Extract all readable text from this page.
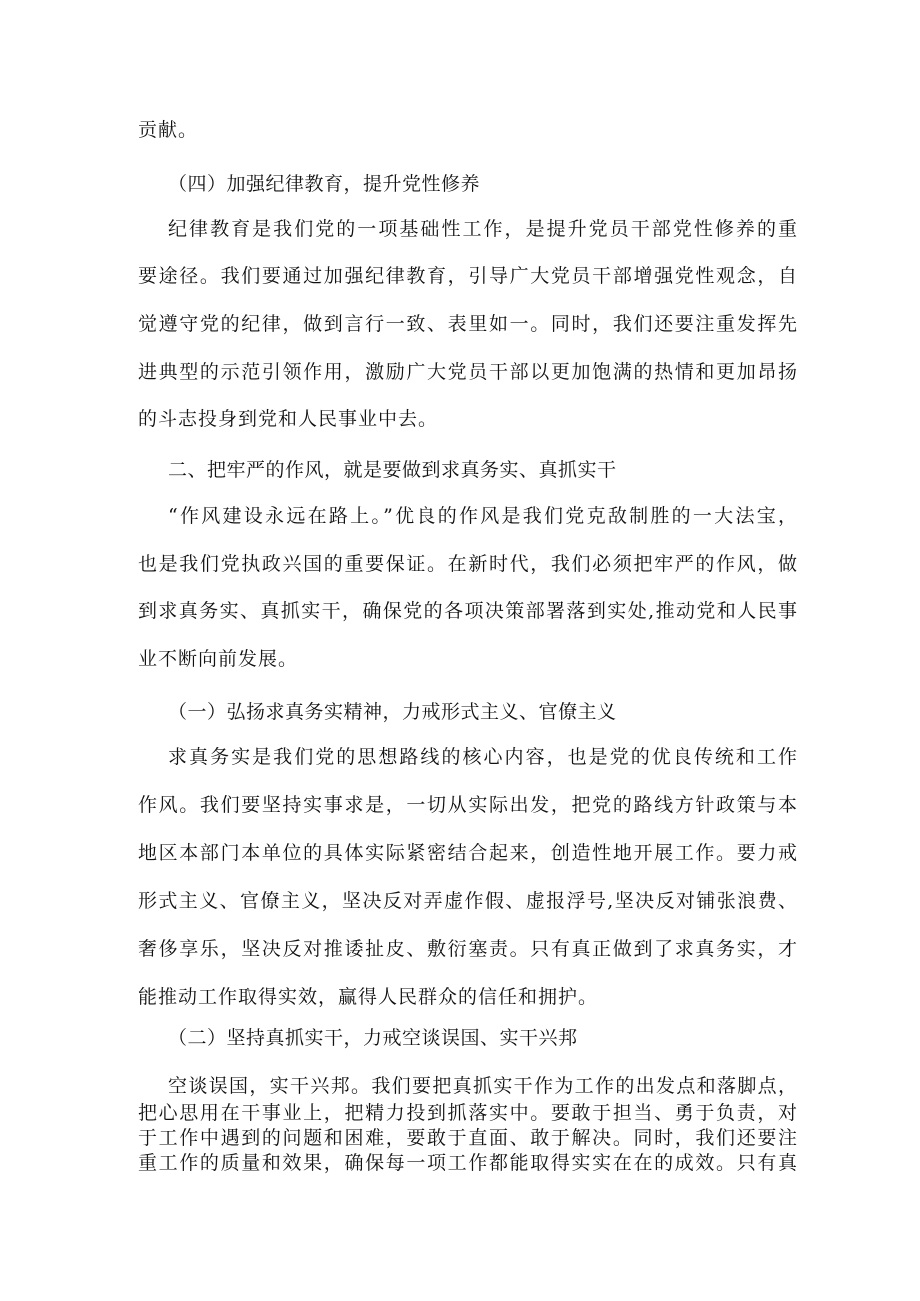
贡献。
（四）加强纪律教育，提升党性修养
纪律教育是我们党的一项基础性工作，是提升党员干部党性修养的重
要途径。我们要通过加强纪律教育，引导广大党员干部增强党性观念，自
觉遵守党的纪律，做到言行一致、表里如一。同时，我们还要注重发挥先
进典型的示范引领作用，激励广大党员干部以更加饱满的热情和更加昂扬
的斗志投身到党和人民事业中去。
二、把牢严的作风，就是要做到求真务实、真抓实干
“作风建设永远在路上。”优良的作风是我们党克敌制胜的一大法宝，
也是我们党执政兴国的重要保证。在新时代，我们必须把牢严的作风，做
到求真务实、真抓实干，确保党的各项决策部署落到实处,推动党和人民事
业不断向前发展。
（一）弘扬求真务实精神，力戒形式主义、官僚主义
求真务实是我们党的思想路线的核心内容，也是党的优良传统和工作
作风。我们要坚持实事求是，一切从实际出发，把党的路线方针政策与本
地区本部门本单位的具体实际紧密结合起来，创造性地开展工作。要力戒
形式主义、官僚主义，坚决反对弄虚作假、虚报浮号,坚决反对铺张浪费、
奢侈享乐，坚决反对推诿扯皮、敷衍塞责。只有真正做到了求真务实，才
能推动工作取得实效，赢得人民群众的信任和拥护。
（二）坚持真抓实干，力戒空谈误国、实干兴邦
空谈误国，实干兴邦。我们要把真抓实干作为工作的出发点和落脚点，
把心思用在干事业上，把精力投到抓落实中。要敢于担当、勇于负责，对
于工作中遇到的问题和困难，要敢于直面、敢于解决。同时，我们还要注
重工作的质量和效果，确保每一项工作都能取得实实在在的成效。只有真
